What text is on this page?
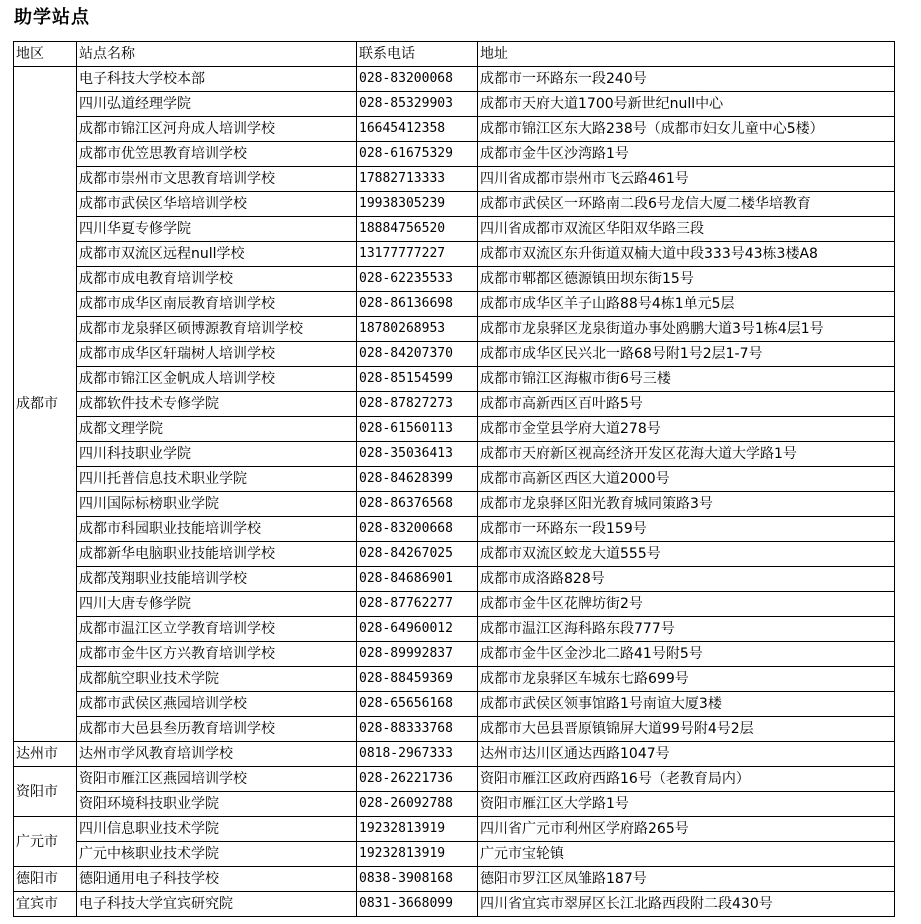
助学站点
地区	站点名称	联系电话	地址
成都市	电子科技大学校本部	028-83200068	成都市一环路东一段240号
	四川弘道经理学院	028-85329903	成都市天府大道1700号新世纪null中心
	成都市锦江区河舟成人培训学校	16645412358	成都市锦江区东大路238号（成都市妇女儿童中心5楼）
	成都市优笠思教育培训学校	028-61675329	成都市金牛区沙湾路1号
	成都市崇州市文思教育培训学校	17882713333	四川省成都市崇州市飞云路461号
	成都市武侯区华培培训学校	19938305239	成都市武侯区一环路南二段6号龙信大厦二楼华培教育
	四川华夏专修学院	18884756520	四川省成都市双流区华阳双华路三段
	成都市双流区远程null学校	13177777227	成都市双流区东升街道双楠大道中段333号43栋3楼A8
	成都市成电教育培训学校	028-62235533	成都市郫都区德源镇田坝东街15号
	成都市成华区南辰教育培训学校	028-86136698	成都市成华区羊子山路88号4栋1单元5层
	成都市龙泉驿区硕博源教育培训学校	18780268953	成都市龙泉驿区龙泉街道办事处鸥鹏大道3号1栋4层1号
	成都市成华区轩瑞树人培训学校	028-84207370	成都市成华区民兴北一路68号附1号2层1-7号
	成都市锦江区金帆成人培训学校	028-85154599	成都市锦江区海椒市街6号三楼
	成都软件技术专修学院	028-87827273	成都市高新西区百叶路5号
	成都文理学院	028-61560113	成都市金堂县学府大道278号
	四川科技职业学院	028-35036413	成都市天府新区视高经济开发区花海大道大学路1号
	四川托普信息技术职业学院	028-84628399	成都市高新区西区大道2000号
	四川国际标榜职业学院	028-86376568	成都市龙泉驿区阳光教育城同策路3号
	成都市科园职业技能培训学校	028-83200668	成都市一环路东一段159号
	成都新华电脑职业技能培训学校	028-84267025	成都市双流区蛟龙大道555号
	成都茂翔职业技能培训学校	028-84686901	成都市成洛路828号
	四川大唐专修学院	028-87762277	成都市金牛区花牌坊街2号
	成都市温江区立学教育培训学校	028-64960012	成都市温江区海科路东段777号
	成都市金牛区方兴教育培训学校	028-89992837	成都市金牛区金沙北二路41号附5号
	成都航空职业技术学院	028-88459369	成都市龙泉驿区车城东七路699号
	成都市武侯区燕园培训学校	028-65656168	成都市武侯区领事馆路1号南谊大厦3楼
	成都市大邑县叁历教育培训学校	028-88333768	成都市大邑县晋原镇锦屏大道99号附4号2层
达州市	达州市学风教育培训学校	0818-2967333	达州市达川区通达西路1047号
资阳市	资阳市雁江区燕园培训学校	028-26221736	资阳市雁江区政府西路16号（老教育局内）
	资阳环境科技职业学院	028-26092788	资阳市雁江区大学路1号
广元市	四川信息职业技术学院	19232813919	四川省广元市利州区学府路265号
	广元中核职业技术学院	19232813919	广元市宝轮镇
德阳市	德阳通用电子科技学校	0838-3908168	德阳市罗江区凤雏路187号
宜宾市	电子科技大学宜宾研究院	0831-3668099	四川省宜宾市翠屏区长江北路西段附二段430号
